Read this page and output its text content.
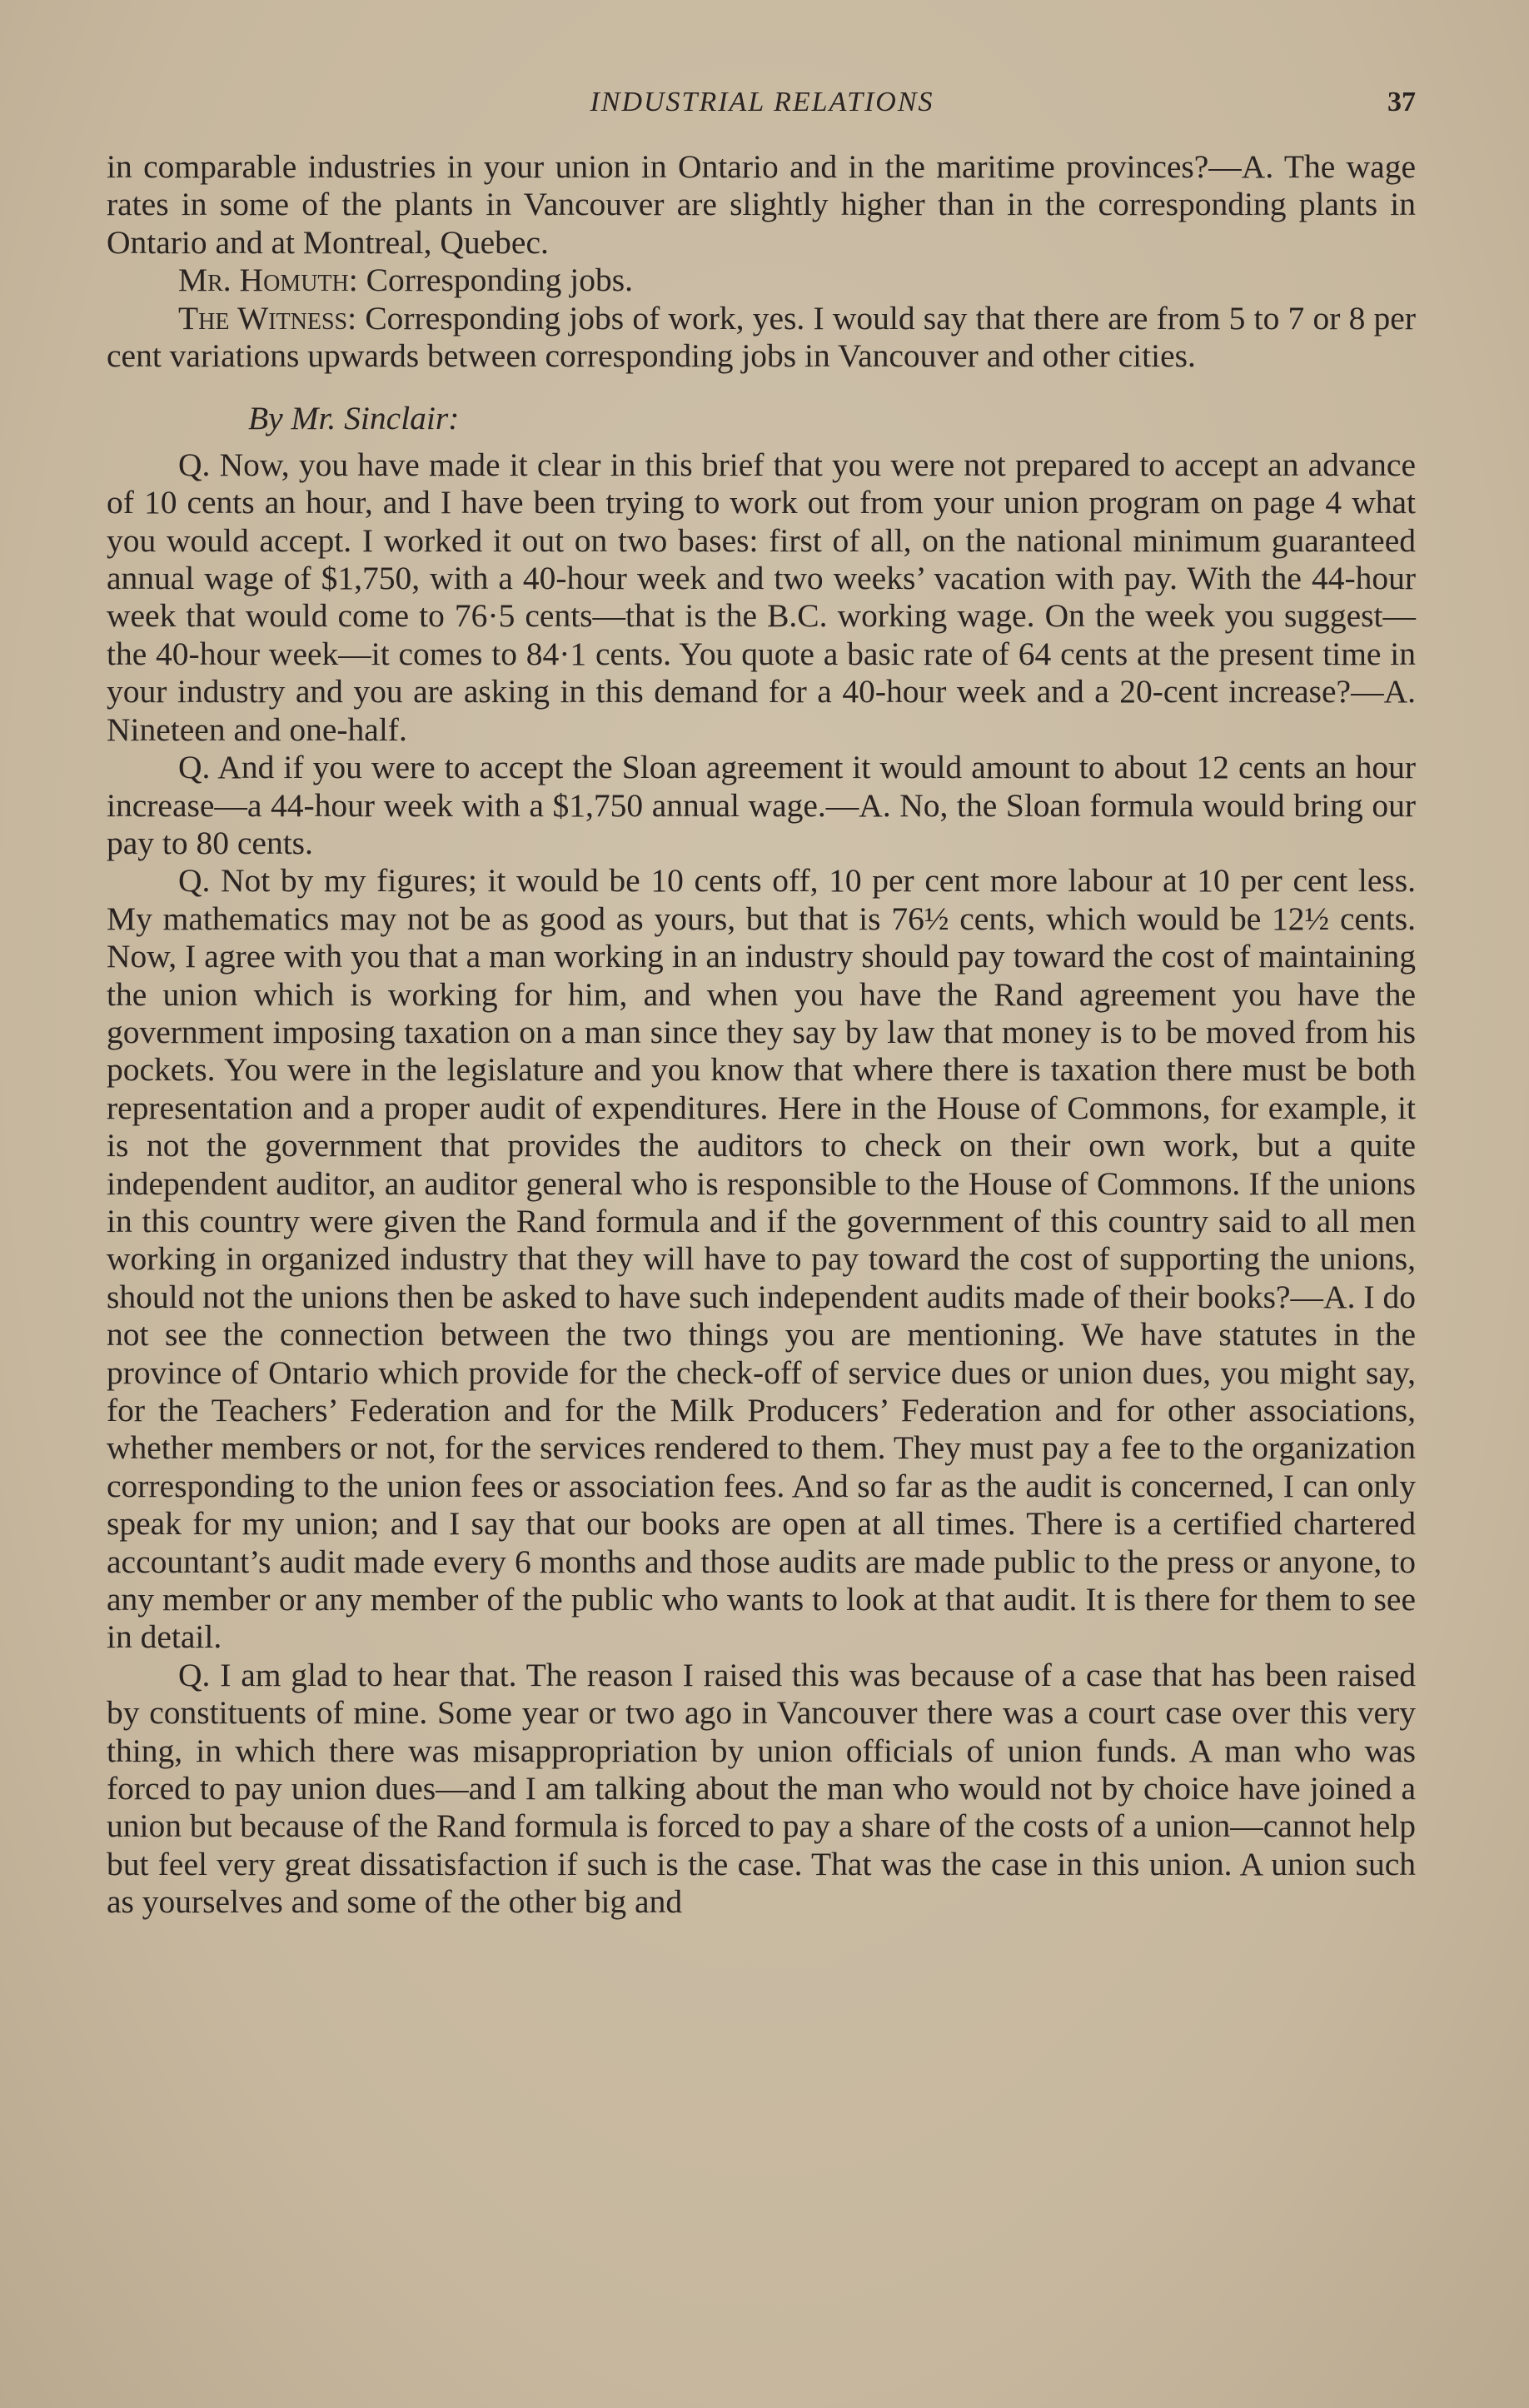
INDUSTRIAL RELATIONS	37

in comparable industries in your union in Ontario and in the maritime provinces?—A. The wage rates in some of the plants in Vancouver are slightly higher than in the corresponding plants in Ontario and at Montreal, Quebec.

Mr. Homuth: Corresponding jobs.

The Witness: Corresponding jobs of work, yes. I would say that there are from 5 to 7 or 8 per cent variations upwards between corresponding jobs in Vancouver and other cities.

By Mr. Sinclair:

Q. Now, you have made it clear in this brief that you were not prepared to accept an advance of 10 cents an hour, and I have been trying to work out from your union program on page 4 what you would accept. I worked it out on two bases: first of all, on the national minimum guaranteed annual wage of $1,750, with a 40-hour week and two weeks’ vacation with pay. With the 44-hour week that would come to 76·5 cents—that is the B.C. working wage. On the week you suggest—the 40-hour week—it comes to 84·1 cents. You quote a basic rate of 64 cents at the present time in your industry and you are asking in this demand for a 40-hour week and a 20-cent increase?—A. Nineteen and one-half.

Q. And if you were to accept the Sloan agreement it would amount to about 12 cents an hour increase—a 44-hour week with a $1,750 annual wage.—A. No, the Sloan formula would bring our pay to 80 cents.

Q. Not by my figures; it would be 10 cents off, 10 per cent more labour at 10 per cent less. My mathematics may not be as good as yours, but that is 76½ cents, which would be 12½ cents. Now, I agree with you that a man working in an industry should pay toward the cost of maintaining the union which is working for him, and when you have the Rand agreement you have the government imposing taxation on a man since they say by law that money is to be moved from his pockets. You were in the legislature and you know that where there is taxation there must be both representation and a proper audit of expenditures. Here in the House of Commons, for example, it is not the government that provides the auditors to check on their own work, but a quite independent auditor, an auditor general who is responsible to the House of Commons. If the unions in this country were given the Rand formula and if the government of this country said to all men working in organized industry that they will have to pay toward the cost of supporting the unions, should not the unions then be asked to have such independent audits made of their books?—A. I do not see the connection between the two things you are mentioning. We have statutes in the province of Ontario which provide for the check-off of service dues or union dues, you might say, for the Teachers’ Federation and for the Milk Producers’ Federation and for other associations, whether members or not, for the services rendered to them. They must pay a fee to the organization corresponding to the union fees or association fees. And so far as the audit is concerned, I can only speak for my union; and I say that our books are open at all times. There is a certified chartered accountant’s audit made every 6 months and those audits are made public to the press or anyone, to any member or any member of the public who wants to look at that audit. It is there for them to see in detail.

Q. I am glad to hear that. The reason I raised this was because of a case that has been raised by constituents of mine. Some year or two ago in Vancouver there was a court case over this very thing, in which there was misappropriation by union officials of union funds. A man who was forced to pay union dues—and I am talking about the man who would not by choice have joined a union but because of the Rand formula is forced to pay a share of the costs of a union—cannot help but feel very great dissatisfaction if such is the case. That was the case in this union. A union such as yourselves and some of the other big and
